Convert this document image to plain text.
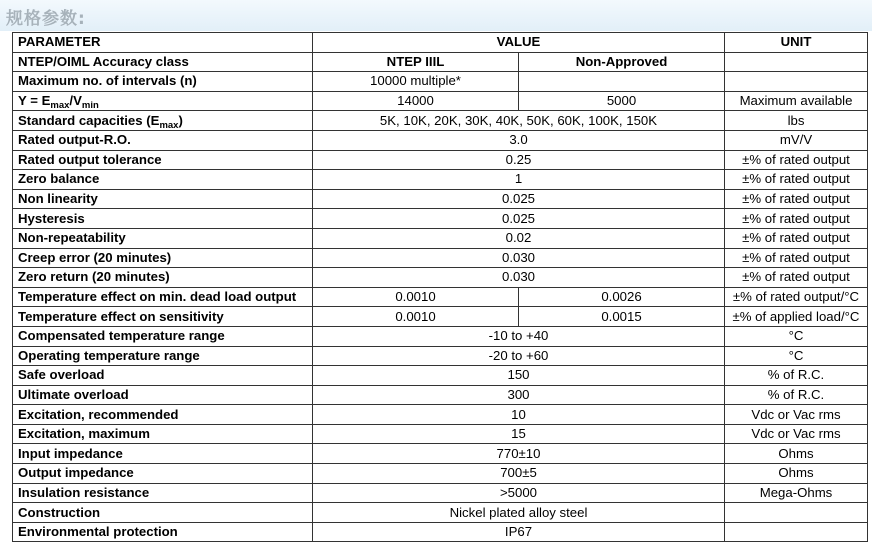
规格参数:
PARAMETER	VALUE		UNIT
NTEP/OIML Accuracy class	NTEP IIIL	Non-Approved	
Maximum no. of intervals (n)	10000 multiple*		
$Y = E_{max}/V_{min}$	14000	5000	Maximum available
Standard capacities $(E_{max})$	5K, 10K, 20K, 30K, 40K, 50K, 60K, 100K, 150K		lbs
Rated output-R.O.	3.0		mV/V
Rated output tolerance	0.25		±% of rated output
Zero balance	1		±% of rated output
Non linearity	0.025		±% of rated output
Hysteresis	0.025		±% of rated output
Non-repeatability	0.02		±% of rated output
Creep error (20 minutes)	0.030		±% of rated output
Zero return (20 minutes)	0.030		±% of rated output
Temperature effect on min. dead load output	0.0010	0.0026	±% of rated output/°C
Temperature effect on sensitivity	0.0010	0.0015	±% of applied load/°C
Compensated temperature range	-10 to +40		°C
Operating temperature range	-20 to +60		°C
Safe overload	150		% of R.C.
Ultimate overload	300		% of R.C.
Excitation, recommended	10		Vdc or Vac rms
Excitation, maximum	15		Vdc or Vac rms
Input impedance	770±10		Ohms
Output impedance	700±5		Ohms
Insulation resistance	>5000		Mega-Ohms
Construction	Nickel plated alloy steel		
Environmental protection	IP67		
